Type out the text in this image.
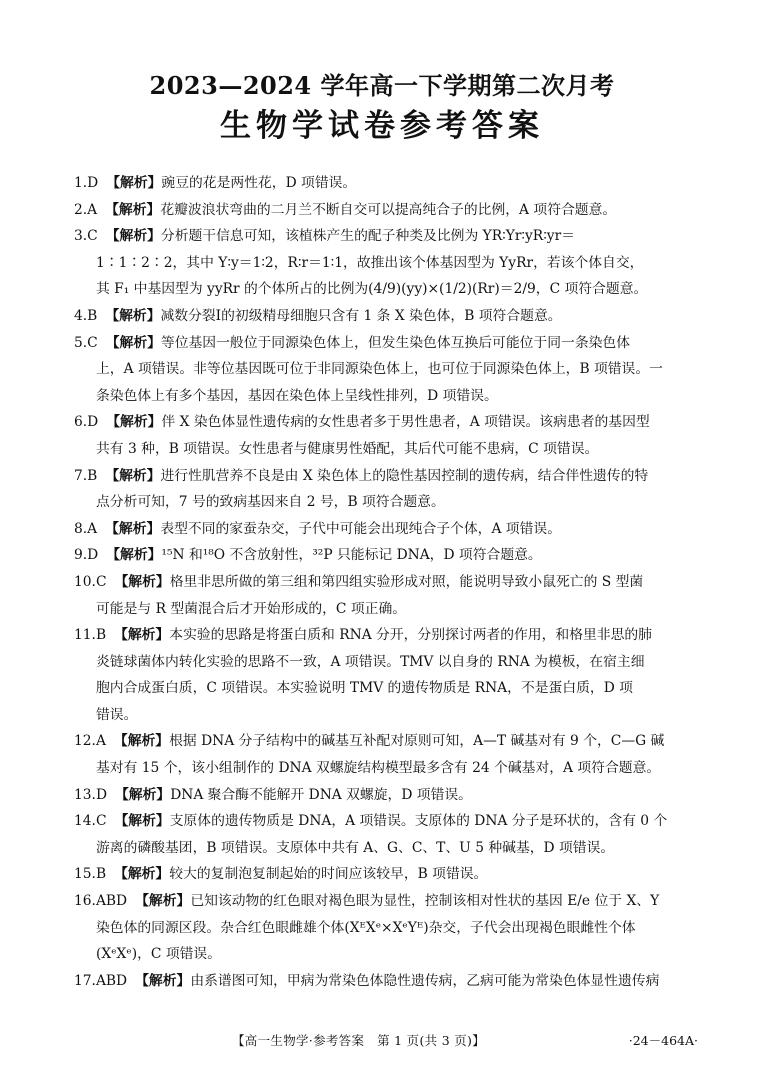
2023—2024 学年高一下学期第二次月考
生物学试卷参考答案
1.D 【解析】豌豆的花是两性花，D 项错误。
2.A 【解析】花瓣波浪状弯曲的二月兰不断自交可以提高纯合子的比例，A 项符合题意。
3.C 【解析】分析题干信息可知，该植株产生的配子种类及比例为 YR∶Yr∶yR∶yr＝
1∶1∶2∶2，其中 Y∶y＝1∶2，R∶r＝1∶1，故推出该个体基因型为 YyRr，若该个体自交，
其 F₁ 中基因型为 yyRr 的个体所占的比例为(4/9)(yy)×(1/2)(Rr)＝2/9，C 项符合题意。
4.B 【解析】减数分裂Ⅰ的初级精母细胞只含有 1 条 X 染色体，B 项符合题意。
5.C 【解析】等位基因一般位于同源染色体上，但发生染色体互换后可能位于同一条染色体
上，A 项错误。非等位基因既可位于非同源染色体上，也可位于同源染色体上，B 项错误。一
条染色体上有多个基因，基因在染色体上呈线性排列，D 项错误。
6.D 【解析】伴 X 染色体显性遗传病的女性患者多于男性患者，A 项错误。该病患者的基因型
共有 3 种，B 项错误。女性患者与健康男性婚配，其后代可能不患病，C 项错误。
7.B 【解析】进行性肌营养不良是由 X 染色体上的隐性基因控制的遗传病，结合伴性遗传的特
点分析可知，7 号的致病基因来自 2 号，B 项符合题意。
8.A 【解析】表型不同的家蚕杂交，子代中可能会出现纯合子个体，A 项错误。
9.D 【解析】¹⁵N 和¹⁸O 不含放射性，³²P 只能标记 DNA，D 项符合题意。
10.C 【解析】格里非思所做的第三组和第四组实验形成对照，能说明导致小鼠死亡的 S 型菌
可能是与 R 型菌混合后才开始形成的，C 项正确。
11.B 【解析】本实验的思路是将蛋白质和 RNA 分开，分别探讨两者的作用，和格里非思的肺
炎链球菌体内转化实验的思路不一致，A 项错误。TMV 以自身的 RNA 为模板，在宿主细
胞内合成蛋白质，C 项错误。本实验说明 TMV 的遗传物质是 RNA，不是蛋白质，D 项
错误。
12.A 【解析】根据 DNA 分子结构中的碱基互补配对原则可知，A—T 碱基对有 9 个，C—G 碱
基对有 15 个，该小组制作的 DNA 双螺旋结构模型最多含有 24 个碱基对，A 项符合题意。
13.D 【解析】DNA 聚合酶不能解开 DNA 双螺旋，D 项错误。
14.C 【解析】支原体的遗传物质是 DNA，A 项错误。支原体的 DNA 分子是环状的，含有 0 个
游离的磷酸基团，B 项错误。支原体中共有 A、G、C、T、U 5 种碱基，D 项错误。
15.B 【解析】较大的复制泡复制起始的时间应该较早，B 项错误。
16.ABD 【解析】已知该动物的红色眼对褐色眼为显性，控制该相对性状的基因 E/e 位于 X、Y
染色体的同源区段。杂合红色眼雌雄个体(XᴱXᵉ×XᵉYᴱ)杂交，子代会出现褐色眼雌性个体
(XᵉXᵉ)，C 项错误。
17.ABD 【解析】由系谱图可知，甲病为常染色体隐性遗传病，乙病可能为常染色体显性遗传病
【高一生物学·参考答案　第 1 页(共 3 页)】	·24－464A·
